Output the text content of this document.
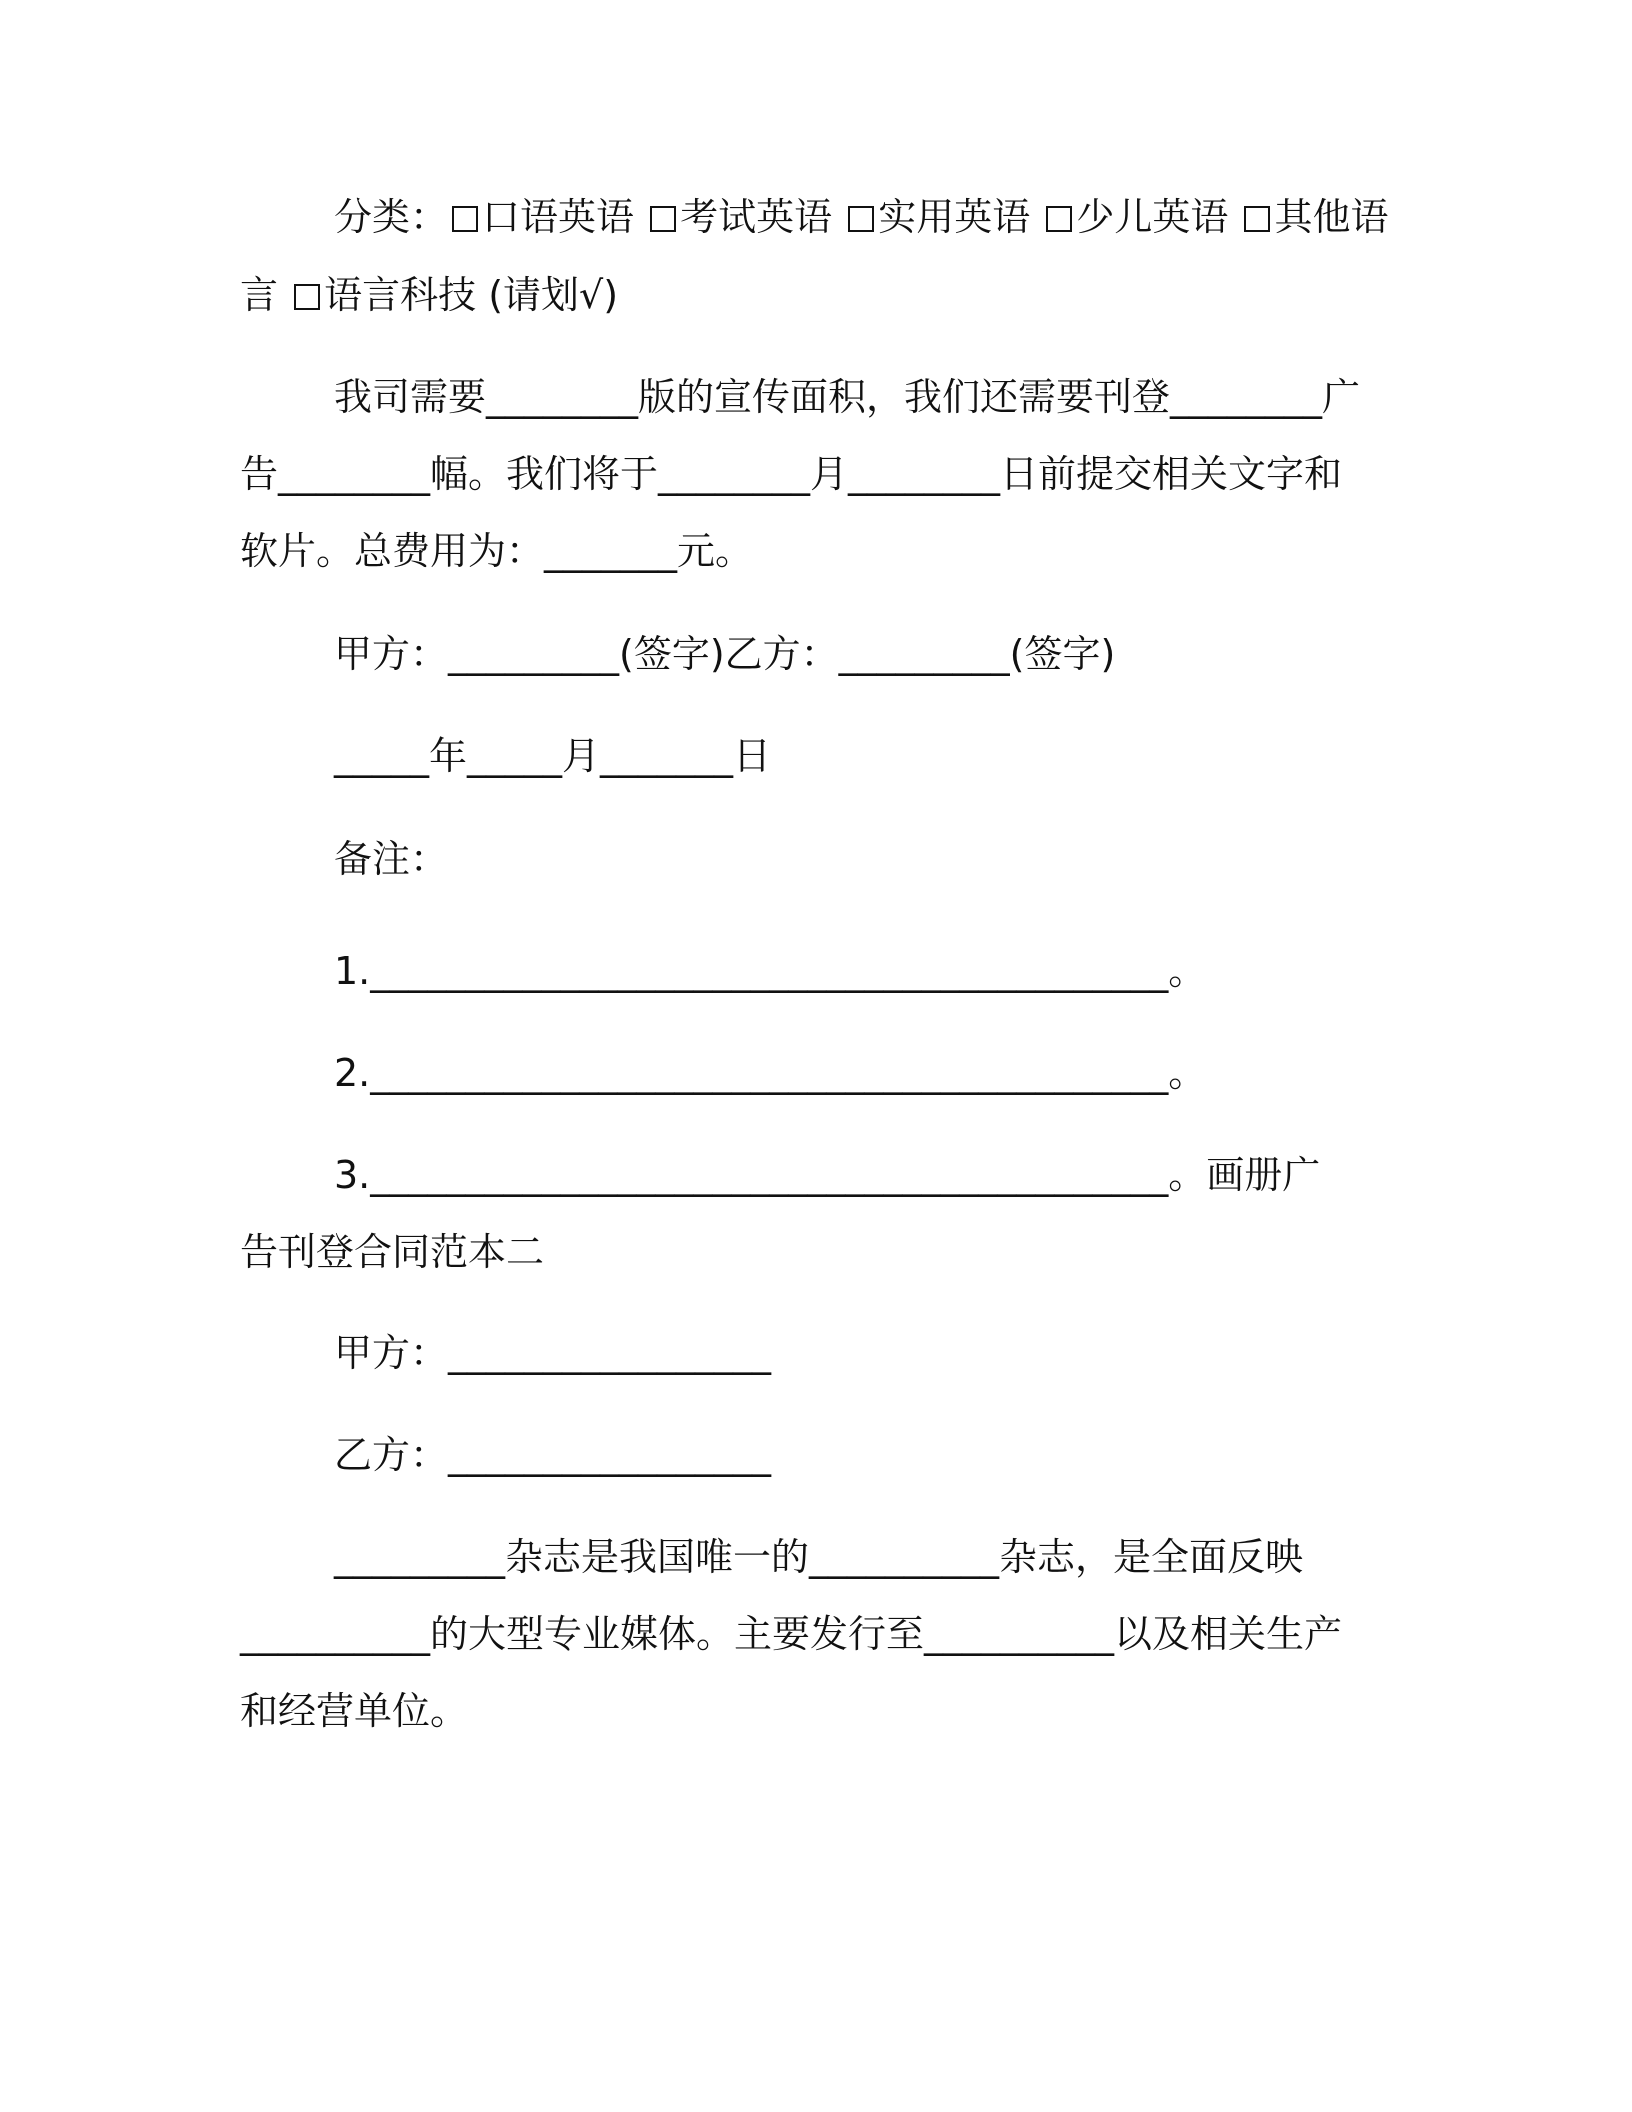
分类： 口语英语 考试英语 实用英语 少儿英语 其他语
言 语言科技 (请划√)
我司需要________版的宣传面积，我们还需要刊登________广
告________幅。我们将于________月________日前提交相关文字和
软片。总费用为：_______元。
甲方：_________(签字)乙方：_________(签字)
_____年_____月_______日
备注：
1.__________________________________________。
2.__________________________________________。
3.__________________________________________。画册广
告刊登合同范本二
甲方：_________________
乙方：_________________
_________杂志是我国唯一的__________杂志，是全面反映
__________的大型专业媒体。主要发行至__________以及相关生产
和经营单位。
